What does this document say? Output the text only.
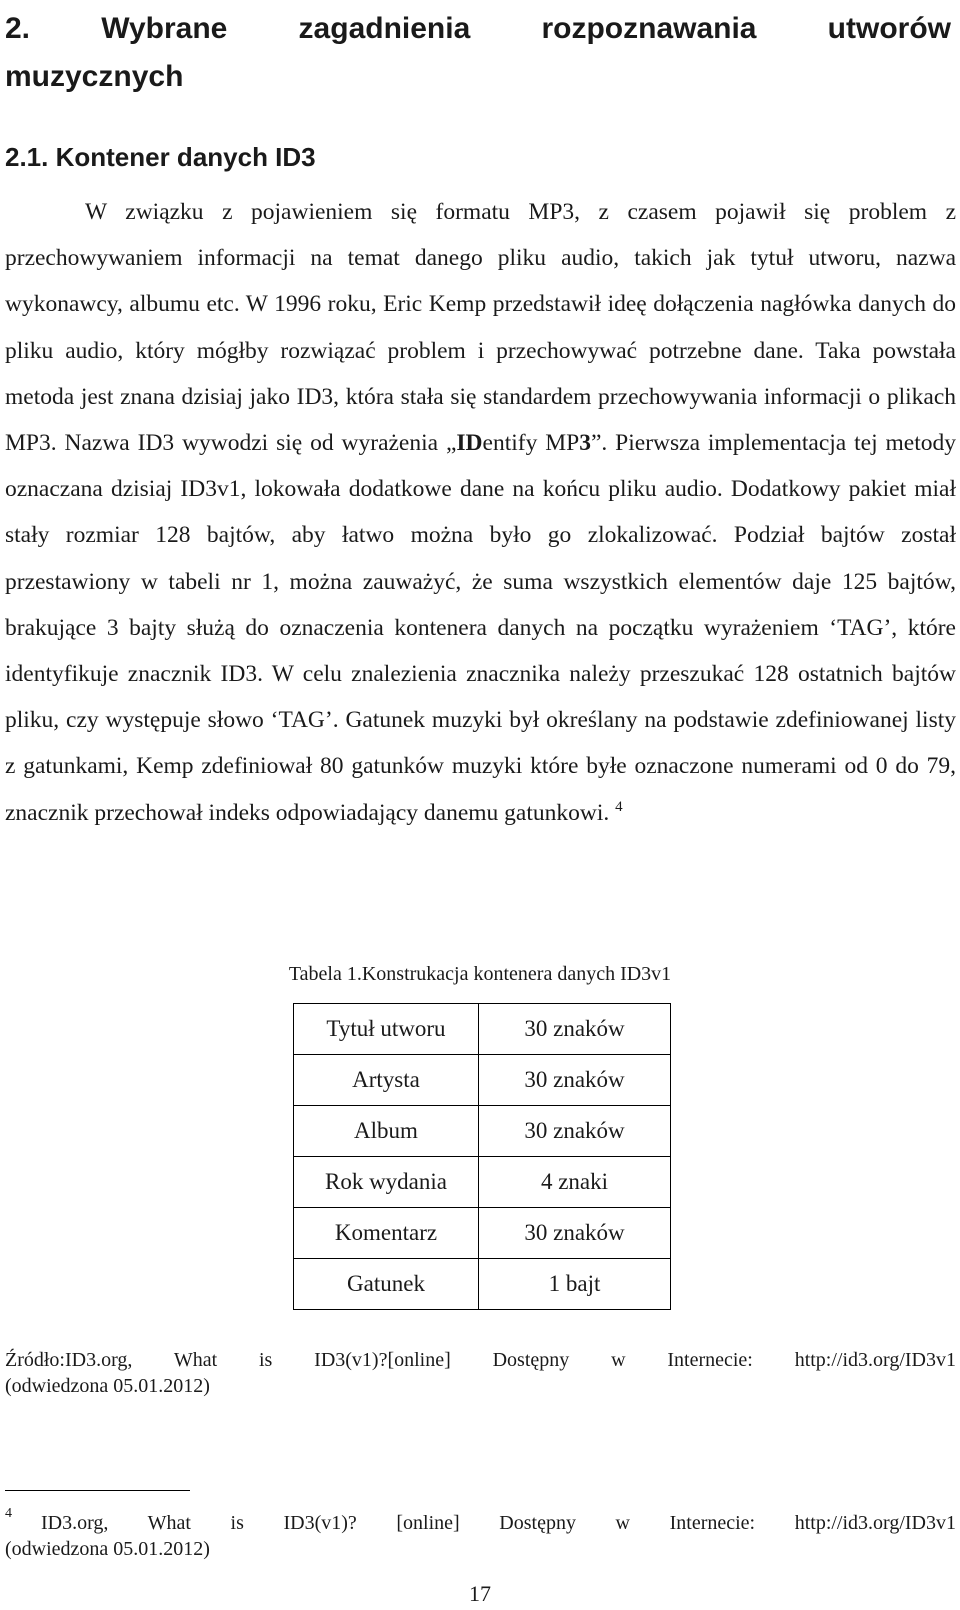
2. Wybrane zagadnienia rozpoznawania utworów
muzycznych
2.1. Kontener danych ID3

W związku z pojawieniem się formatu MP3, z czasem pojawił się problem z przechowywaniem informacji na temat danego pliku audio, takich jak tytuł utworu, nazwa wykonawcy, albumu etc. W 1996 roku, Eric Kemp przedstawił ideę dołączenia nagłówka danych do pliku audio, który mógłby rozwiązać problem i przechowywać potrzebne dane. Taka powstała metoda jest znana dzisiaj jako ID3, która stała się standardem przechowywania informacji o plikach MP3. Nazwa ID3 wywodzi się od wyrażenia „IDentify MP3”. Pierwsza implementacja tej metody oznaczana dzisiaj ID3v1, lokowała dodatkowe dane na końcu pliku audio. Dodatkowy pakiet miał stały rozmiar 128 bajtów, aby łatwo można było go zlokalizować. Podział bajtów został przestawiony w tabeli nr 1, można zauważyć, że suma wszystkich elementów daje 125 bajtów, brakujące 3 bajty służą do oznaczenia kontenera danych na początku wyrażeniem ‘TAG’, które identyfikuje znacznik ID3. W celu znalezienia znacznika należy przeszukać 128 ostatnich bajtów pliku, czy występuje słowo ‘TAG’. Gatunek muzyki był określany na podstawie zdefiniowanej listy z gatunkami, Kemp zdefiniował 80 gatunków muzyki które byłe oznaczone numerami od 0 do 79, znacznik przechował indeks odpowiadający danemu gatunkowi. $^4$

Tabela 1.Konstrukacja kontenera danych ID3v1

Tytuł utworu	30 znaków
Artysta	30 znaków
Album	30 znaków
Rok wydania	4 znaki
Komentarz	30 znaków
Gatunek	1 bajt

Źródło:ID3.org, What is ID3(v1)?[online] Dostępny w Internecie: http://id3.org/ID3v1

(odwiedzona 05.01.2012)

4	ID3.org, What is ID3(v1)? [online] Dostępny w Internecie: http://id3.org/ID3v1

(odwiedzona 05.01.2012)

17
